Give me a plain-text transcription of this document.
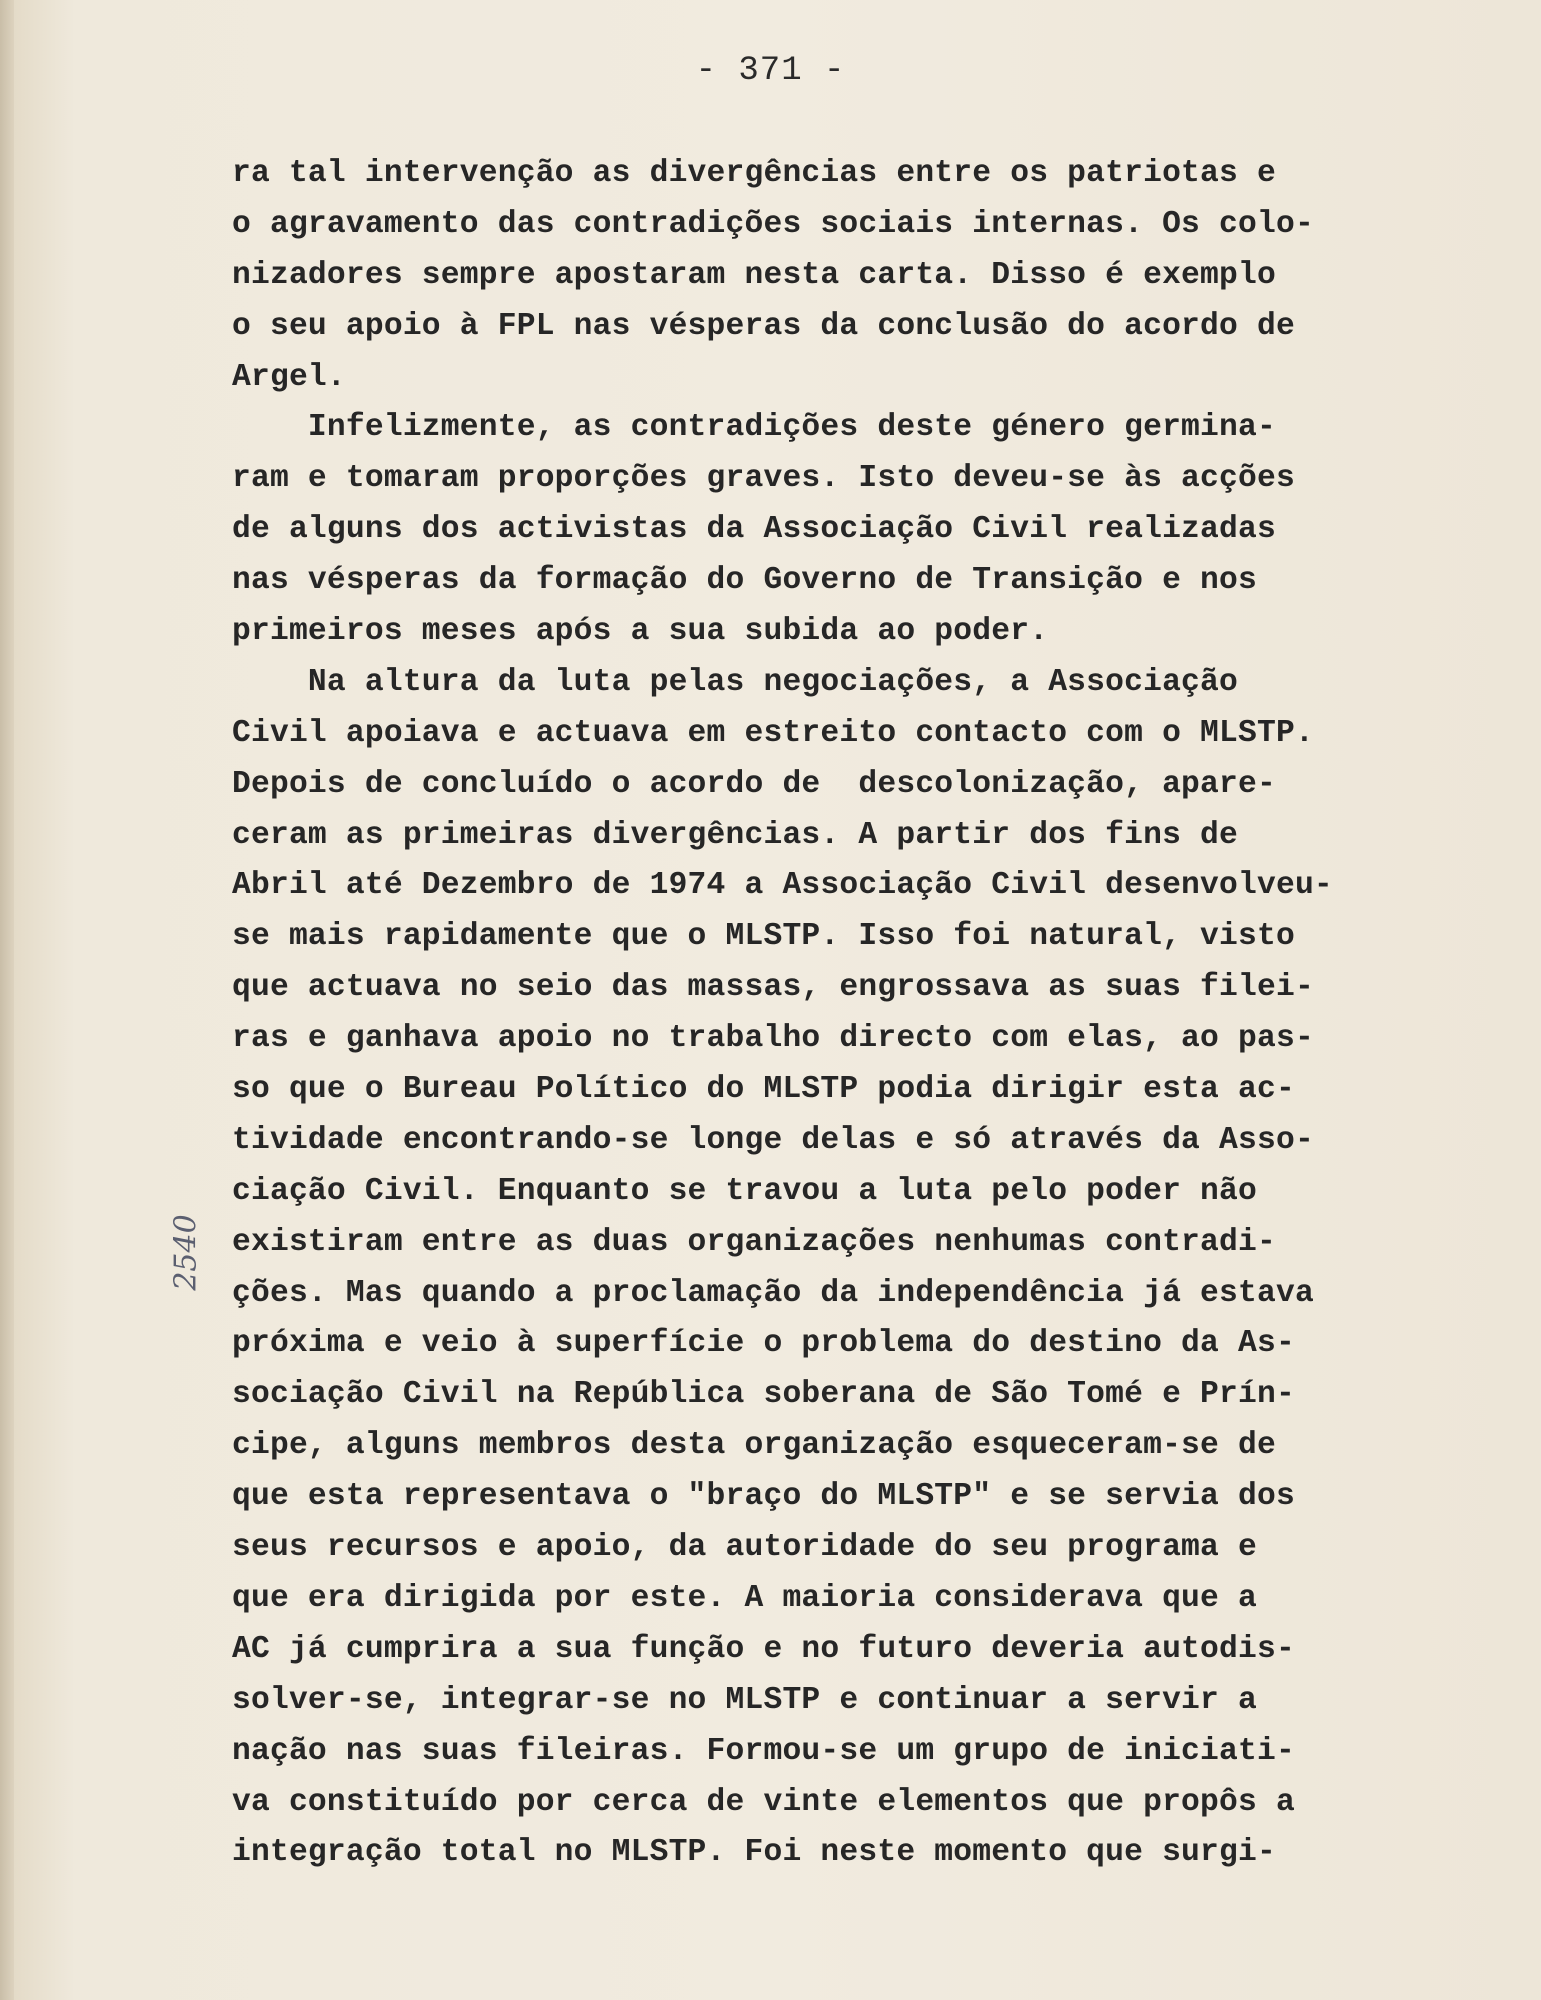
- 371 -
2540
ra tal intervenção as divergências entre os patriotas e
o agravamento das contradições sociais internas. Os colo-
nizadores sempre apostaram nesta carta. Disso é exemplo
o seu apoio à FPL nas vésperas da conclusão do acordo de
Argel.
Infelizmente, as contradições deste género germina-
ram e tomaram proporções graves. Isto deveu-se às acções
de alguns dos activistas da Associação Civil realizadas
nas vésperas da formação do Governo de Transição e nos
primeiros meses após a sua subida ao poder.
Na altura da luta pelas negociações, a Associação
Civil apoiava e actuava em estreito contacto com o MLSTP.
Depois de concluído o acordo de  descolonização, apare-
ceram as primeiras divergências. A partir dos fins de
Abril até Dezembro de 1974 a Associação Civil desenvolveu-
se mais rapidamente que o MLSTP. Isso foi natural, visto
que actuava no seio das massas, engrossava as suas filei-
ras e ganhava apoio no trabalho directo com elas, ao pas-
so que o Bureau Político do MLSTP podia dirigir esta ac-
tividade encontrando-se longe delas e só através da Asso-
ciação Civil. Enquanto se travou a luta pelo poder não
existiram entre as duas organizações nenhumas contradi-
ções. Mas quando a proclamação da independência já estava
próxima e veio à superfície o problema do destino da As-
sociação Civil na República soberana de São Tomé e Prín-
cipe, alguns membros desta organização esqueceram-se de
que esta representava o "braço do MLSTP" e se servia dos
seus recursos e apoio, da autoridade do seu programa e
que era dirigida por este. A maioria considerava que a
AC já cumprira a sua função e no futuro deveria autodis-
solver-se, integrar-se no MLSTP e continuar a servir a
nação nas suas fileiras. Formou-se um grupo de iniciati-
va constituído por cerca de vinte elementos que propôs a
integração total no MLSTP. Foi neste momento que surgi-
